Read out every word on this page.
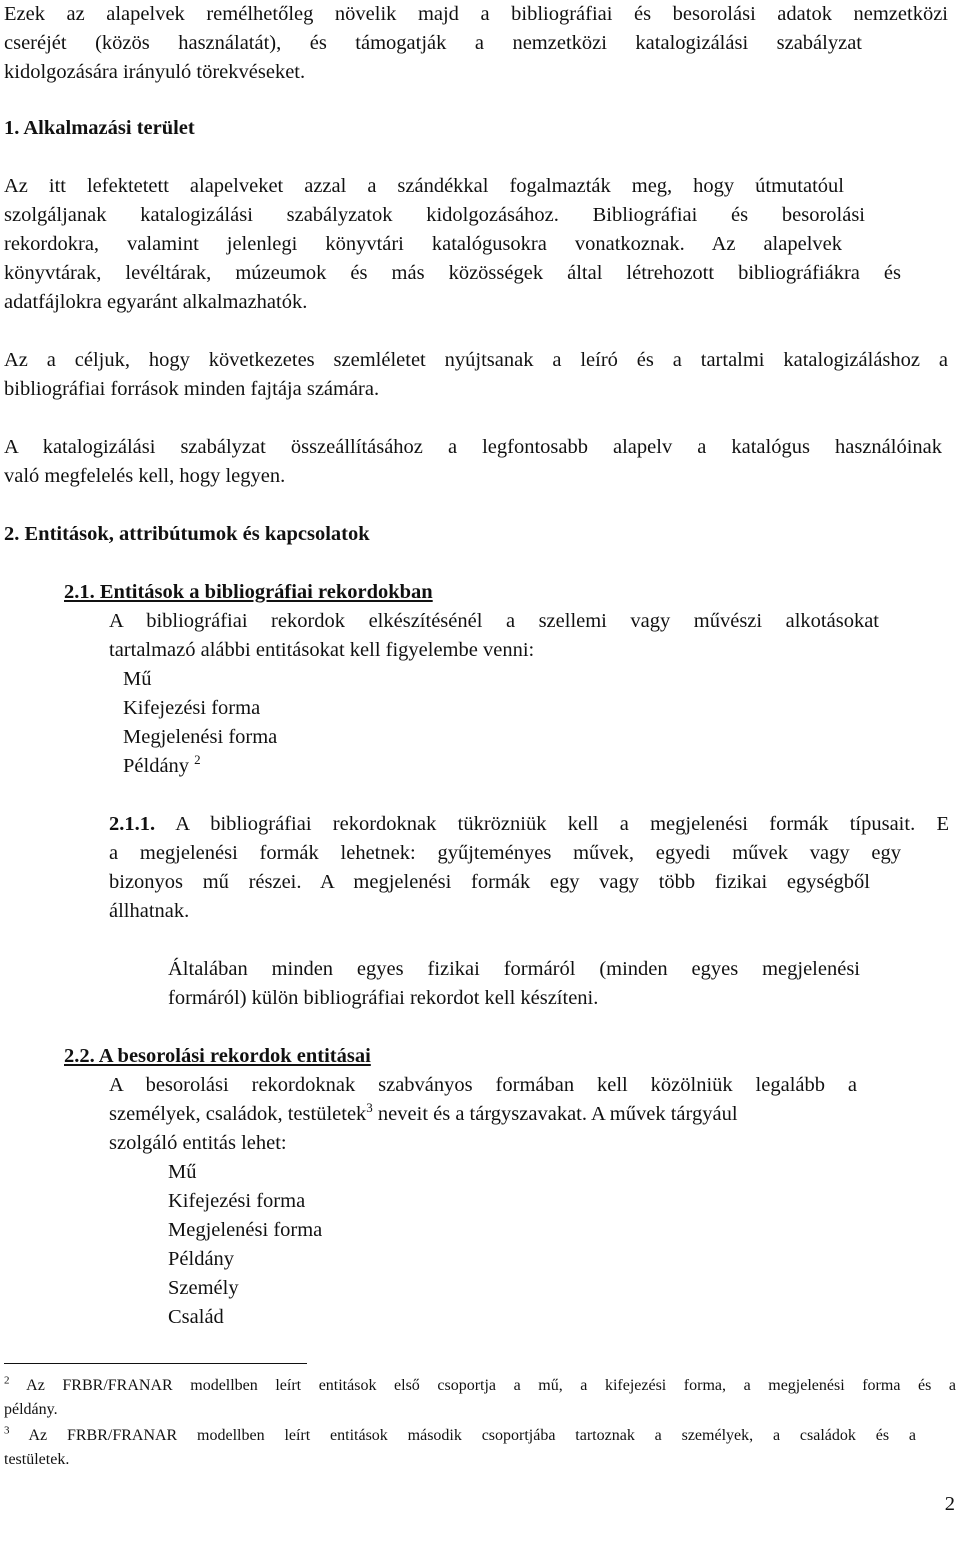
Ezek az alapelvek remélhetőleg növelik majd a bibliográfiai és besorolási adatok nemzetközi
cseréjét (közös használatát), és támogatják a nemzetközi katalogizálási szabályzat
kidolgozására irányuló törekvéseket.
1. Alkalmazási terület
Az itt lefektetett alapelveket azzal a szándékkal fogalmazták meg, hogy útmutatóul
szolgáljanak katalogizálási szabályzatok kidolgozásához. Bibliográfiai és besorolási
rekordokra, valamint jelenlegi könyvtári katalógusokra vonatkoznak. Az alapelvek
könyvtárak, levéltárak, múzeumok és más közösségek által létrehozott bibliográfiákra és
adatfájlokra egyaránt alkalmazhatók.
Az a céljuk, hogy következetes szemléletet nyújtsanak a leíró és a tartalmi katalogizáláshoz a
bibliográfiai források minden fajtája számára.
A katalogizálási szabályzat összeállításához a legfontosabb alapelv a katalógus használóinak
való megfelelés kell, hogy legyen.
2. Entitások, attribútumok és kapcsolatok
2.1. Entitások a bibliográfiai rekordokban
A bibliográfiai rekordok elkészítésénél a szellemi vagy művészi alkotásokat
tartalmazó alábbi entitásokat kell figyelembe venni:
Mű
Kifejezési forma
Megjelenési forma
Példány $^2$
2.1.1. A bibliográfiai rekordoknak tükrözniük kell a megjelenési formák típusait. E
a megjelenési formák lehetnek: gyűjteményes művek, egyedi művek vagy egy
bizonyos mű részei. A megjelenési formák egy vagy több fizikai egységből
állhatnak.
Általában minden egyes fizikai formáról (minden egyes megjelenési
formáról) külön bibliográfiai rekordot kell készíteni.
2.2. A besorolási rekordok entitásai
A besorolási rekordoknak szabványos formában kell közölniük legalább a
személyek, családok, testületek$^3$ neveit és a tárgyszavakat. A művek tárgyául
szolgáló entitás lehet:
Mű
Kifejezési forma
Megjelenési forma
Példány
Személy
Család
$^2$ Az FRBR/FRANAR modellben leírt entitások első csoportja a mű, a kifejezési forma, a megjelenési forma és a
példány.
$^3$ Az FRBR/FRANAR modellben leírt entitások második csoportjába tartoznak a személyek, a családok és a
testületek.
2
